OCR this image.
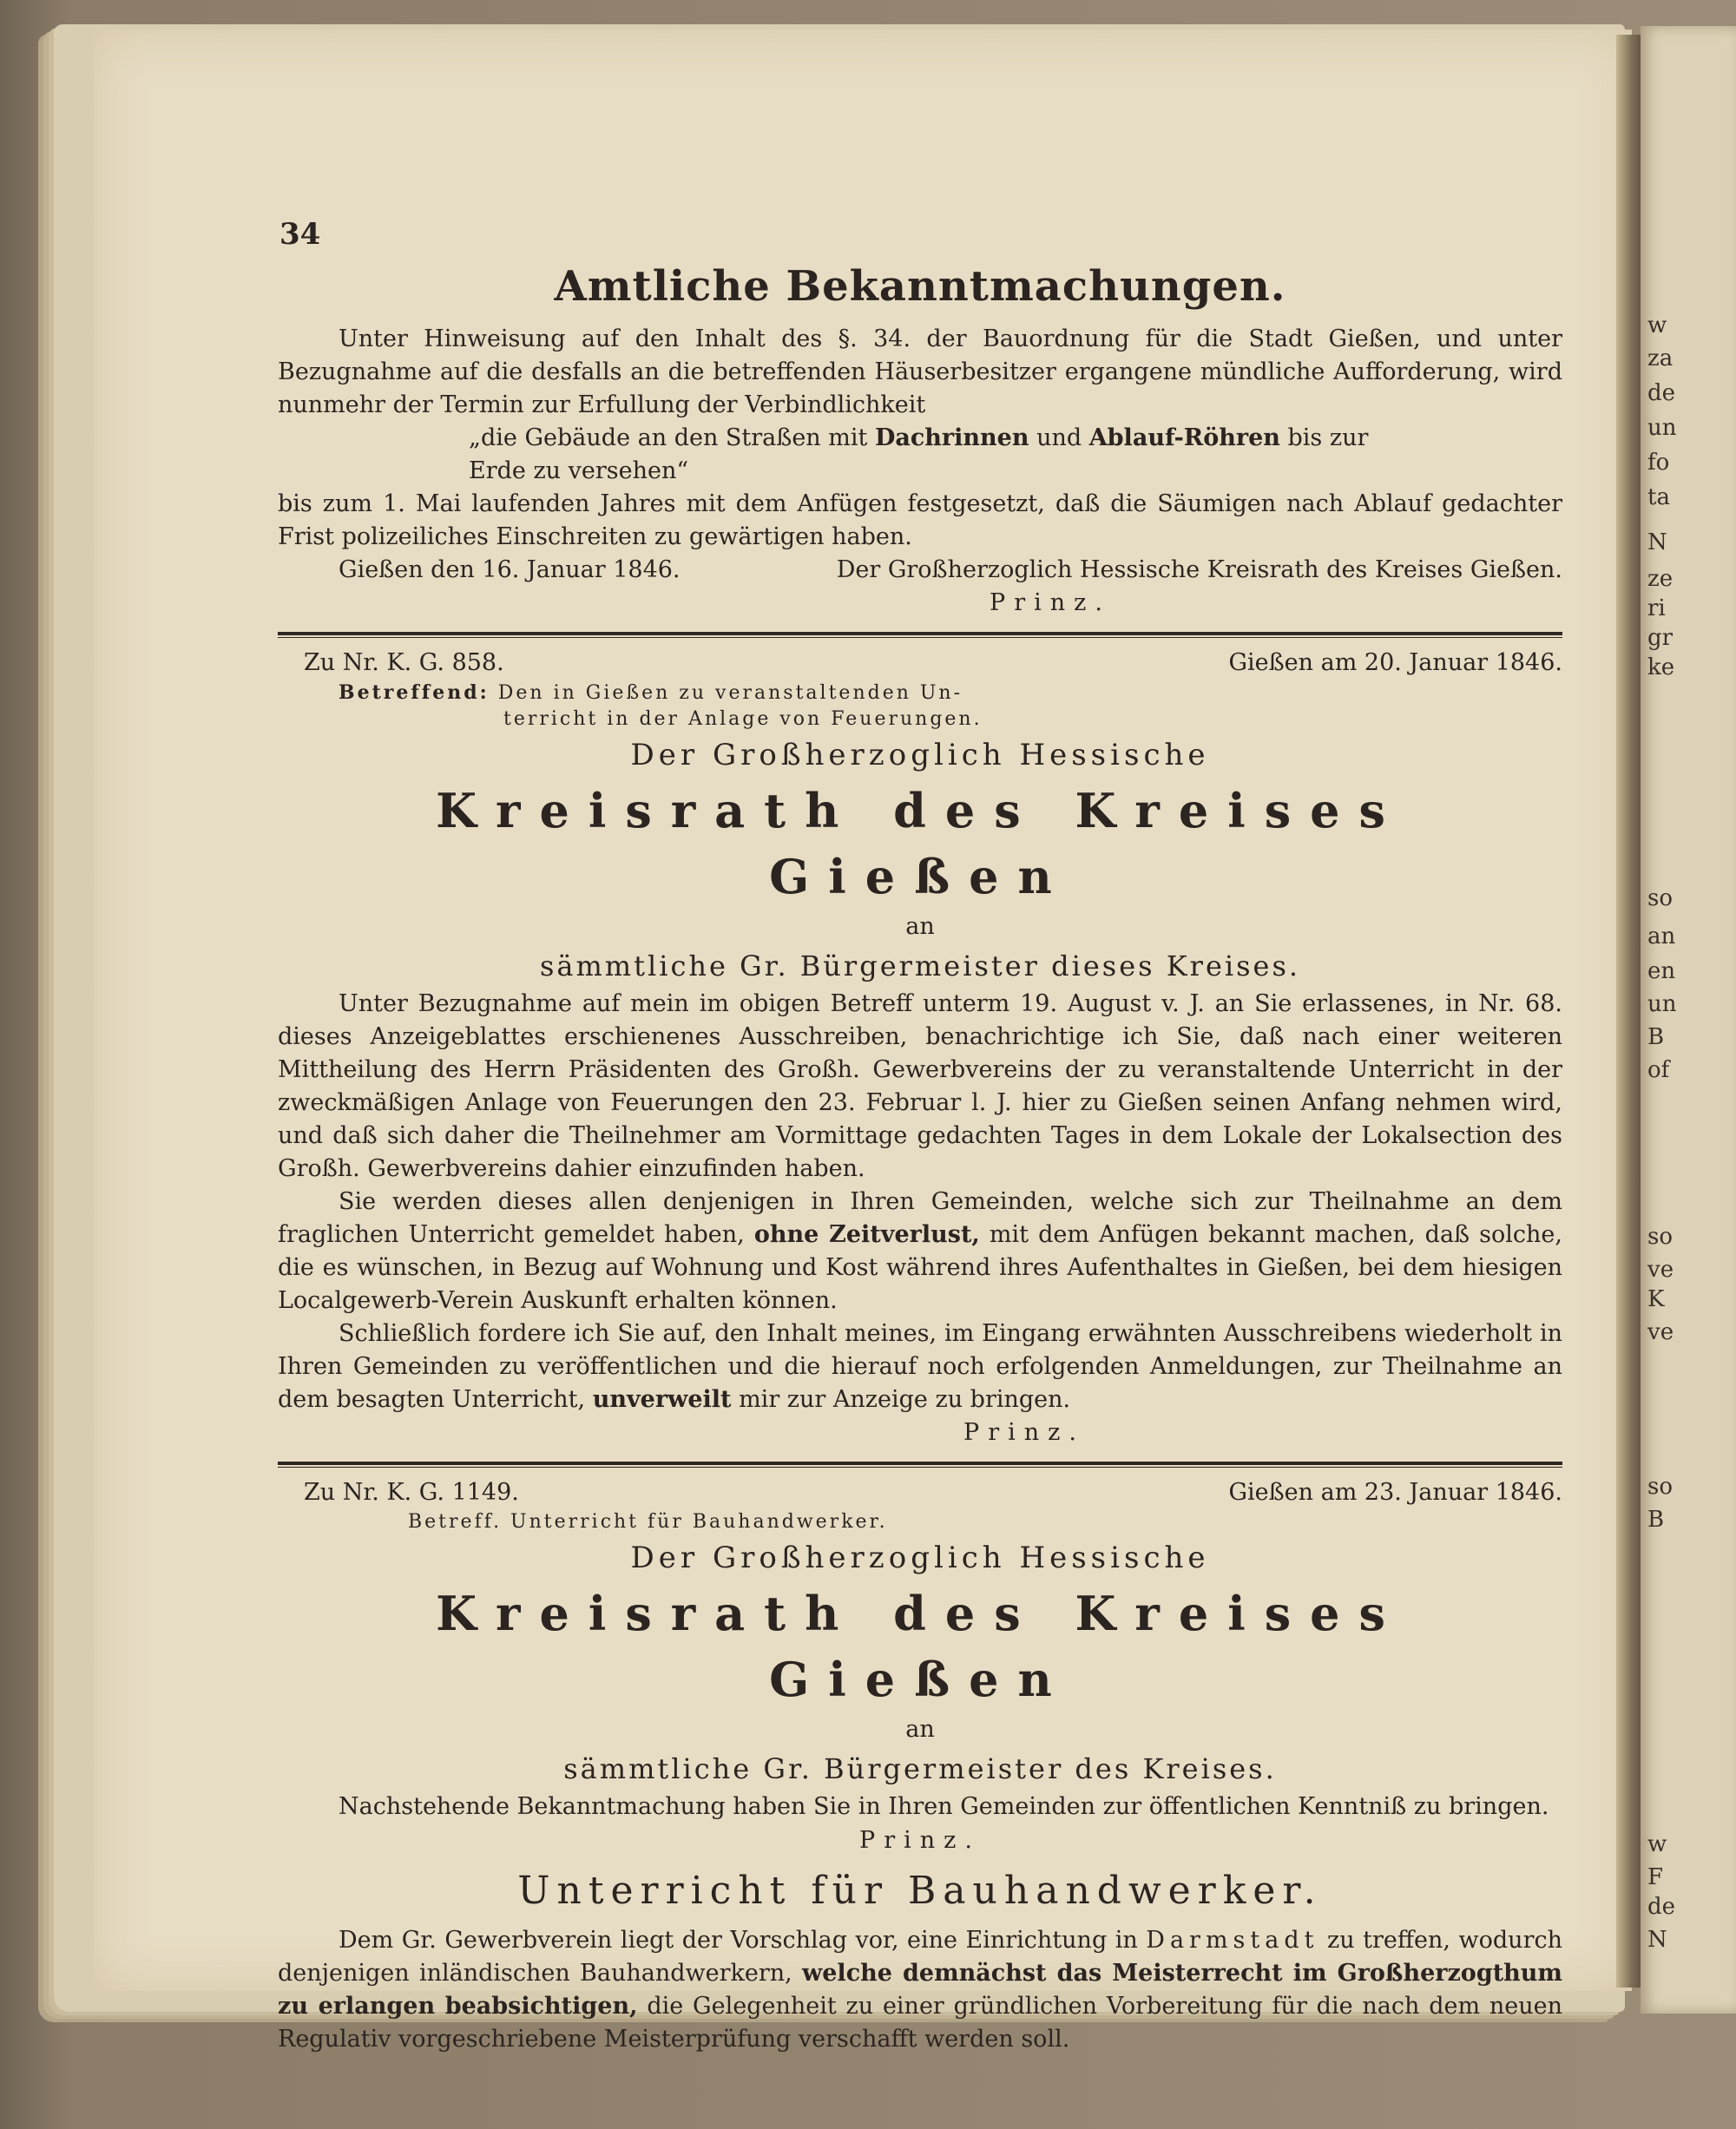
w
za
de
un
fo
ta
N
ze
ri
gr
ke
so
an
en
un
B
of
so
ve
K
ve
so
B
w
F
de
N
34
Amtliche Bekanntmachungen.

Unter Hinweisung auf den Inhalt des §. 34. der Bauordnung für die Stadt Gießen, und unter Bezugnahme auf die desfalls an die betreffenden Häuserbesitzer ergangene mündliche Aufforderung, wird nunmehr der Termin zur Erfullung der Verbindlichkeit

„die Gebäude an den Straßen mit Dachrinnen und Ablauf-Röhren bis zur
Erde zu versehen“

bis zum 1. Mai laufenden Jahres mit dem Anfügen festgesetzt, daß die Säumigen nach Ablauf gedachter Frist polizeiliches Einschreiten zu gewärtigen haben.

Gießen den 16. Januar 1846.	Der Großherzoglich Hessische Kreisrath des Kreises Gießen.
Prinz.
Zu Nr. K. G. 858.	Gießen am 20. Januar 1846.
Betreffend: Den in Gießen zu veranstaltenden Un-
terricht in der Anlage von Feuerungen.
Der Großherzoglich Hessische
Kreisrath des Kreises Gießen
an
sämmtliche Gr. Bürgermeister dieses Kreises.

Unter Bezugnahme auf mein im obigen Betreff unterm 19. August v. J. an Sie erlassenes, in Nr. 68. dieses Anzeigeblattes erschienenes Ausschreiben, benachrichtige ich Sie, daß nach einer weiteren Mittheilung des Herrn Präsidenten des Großh. Gewerbvereins der zu veranstaltende Unterricht in der zweckmäßigen Anlage von Feuerungen den 23. Februar l. J. hier zu Gießen seinen Anfang nehmen wird, und daß sich daher die Theilnehmer am Vormittage gedachten Tages in dem Lokale der Lokalsection des Großh. Gewerbvereins dahier einzufinden haben.

Sie werden dieses allen denjenigen in Ihren Gemeinden, welche sich zur Theilnahme an dem fraglichen Unterricht gemeldet haben, ohne Zeitverlust, mit dem Anfügen bekannt machen, daß solche, die es wünschen, in Bezug auf Wohnung und Kost während ihres Aufenthaltes in Gießen, bei dem hiesigen Localgewerb-Verein Auskunft erhalten können.

Schließlich fordere ich Sie auf, den Inhalt meines, im Eingang erwähnten Ausschreibens wiederholt in Ihren Gemeinden zu veröffentlichen und die hierauf noch erfolgenden Anmeldungen, zur Theilnahme an dem besagten Unterricht, unverweilt mir zur Anzeige zu bringen.

Prinz.
Zu Nr. K. G. 1149.	Gießen am 23. Januar 1846.
Betreff. Unterricht für Bauhandwerker.
Der Großherzoglich Hessische
Kreisrath des Kreises Gießen
an
sämmtliche Gr. Bürgermeister des Kreises.

Nachstehende Bekanntmachung haben Sie in Ihren Gemeinden zur öffentlichen Kenntniß zu bringen.

Prinz.
Unterricht für Bauhandwerker.

Dem Gr. Gewerbverein liegt der Vorschlag vor, eine Einrichtung in Darmstadt zu treffen, wodurch denjenigen inländischen Bauhandwerkern, welche demnächst das Meisterrecht im Großherzogthum zu erlangen beabsichtigen, die Gelegenheit zu einer gründlichen Vorbereitung für die nach dem neuen Regulativ vorgeschriebene Meisterprüfung verschafft werden soll.
